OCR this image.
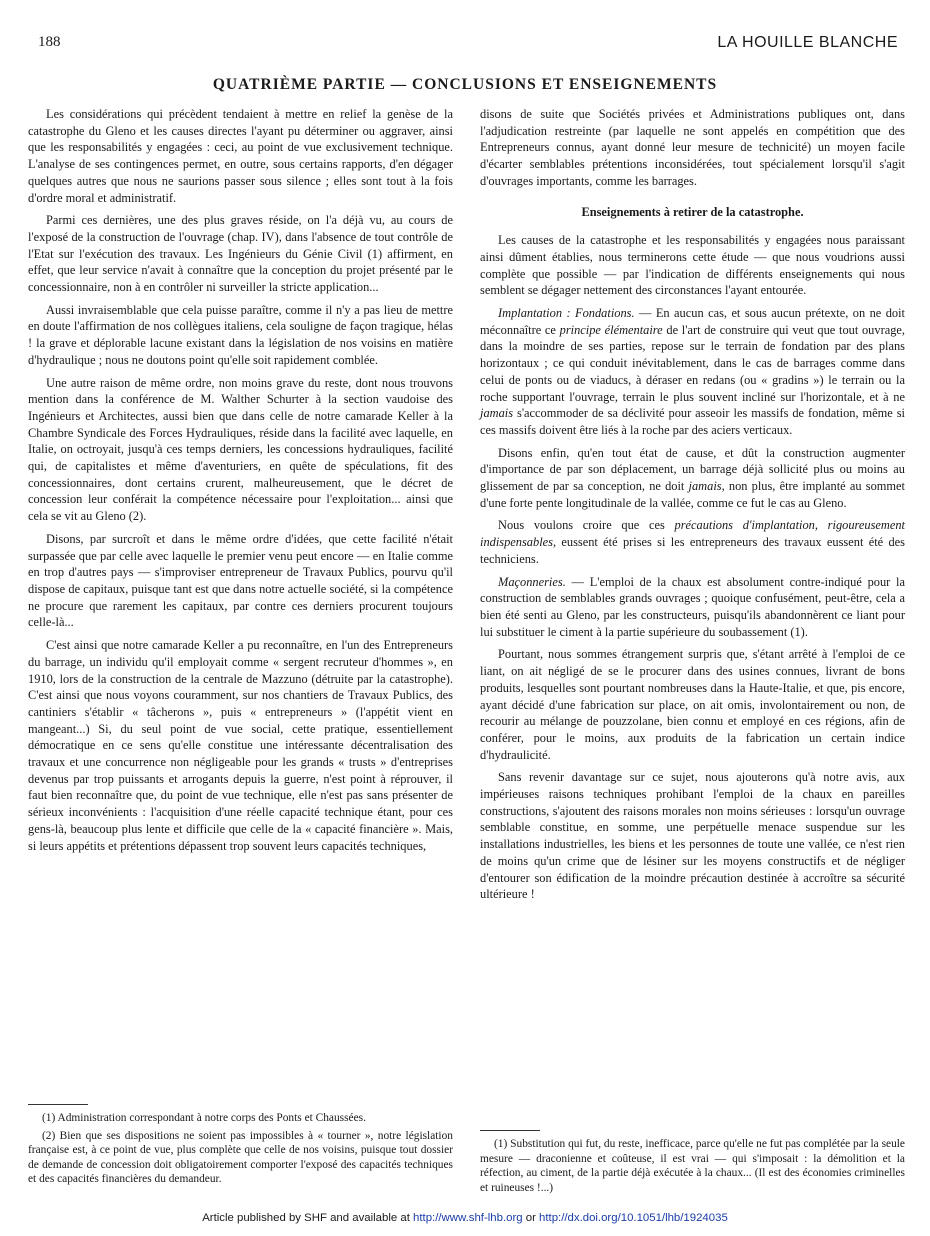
188	LA HOUILLE BLANCHE
QUATRIÈME PARTIE — CONCLUSIONS ET ENSEIGNEMENTS

Les considérations qui précèdent tendaient à mettre en relief la genèse de la catastrophe du Gleno et les causes directes l'ayant pu déterminer ou aggraver, ainsi que les responsabilités y engagées : ceci, au point de vue exclusivement technique. L'analyse de ses contingences permet, en outre, sous certains rapports, d'en dégager quelques autres que nous ne saurions passer sous silence ; elles sont tout à la fois d'ordre moral et administratif.

Parmi ces dernières, une des plus graves réside, on l'a déjà vu, au cours de l'exposé de la construction de l'ouvrage (chap. IV), dans l'absence de tout contrôle de l'Etat sur l'exécution des travaux. Les Ingénieurs du Génie Civil (1) affirment, en effet, que leur service n'avait à connaître que la conception du projet présenté par le concessionnaire, non à en contrôler ni surveiller la stricte application...

Aussi invraisemblable que cela puisse paraître, comme il n'y a pas lieu de mettre en doute l'affirmation de nos collègues italiens, cela souligne de façon tragique, hélas ! la grave et déplorable lacune existant dans la législation de nos voisins en matière d'hydraulique ; nous ne doutons point qu'elle soit rapidement comblée.

Une autre raison de même ordre, non moins grave du reste, dont nous trouvons mention dans la conférence de M. Walther Schurter à la section vaudoise des Ingénieurs et Architectes, aussi bien que dans celle de notre camarade Keller à la Chambre Syndicale des Forces Hydrauliques, réside dans la facilité avec laquelle, en Italie, on octroyait, jusqu'à ces temps derniers, les concessions hydrauliques, facilité qui, de capitalistes et même d'aventuriers, en quête de spéculations, fit des concessionnaires, dont certains crurent, malheureusement, que le décret de concession leur conférait la compétence nécessaire pour l'exploitation... ainsi que cela se vit au Gleno (2).

Disons, par surcroît et dans le même ordre d'idées, que cette facilité n'était surpassée que par celle avec laquelle le premier venu peut encore — en Italie comme en trop d'autres pays — s'improviser entrepreneur de Travaux Publics, pourvu qu'il dispose de capitaux, puisque tant est que dans notre actuelle société, si la compétence ne procure que rarement les capitaux, par contre ces derniers procurent toujours celle-là...

C'est ainsi que notre camarade Keller a pu reconnaître, en l'un des Entrepreneurs du barrage, un individu qu'il employait comme « sergent recruteur d'hommes », en 1910, lors de la construction de la centrale de Mazzuno (détruite par la catastrophe). C'est ainsi que nous voyons couramment, sur nos chantiers de Travaux Publics, des cantiniers s'établir « tâcherons », puis « entrepreneurs » (l'appétit vient en mangeant...) Si, du seul point de vue social, cette pratique, essentiellement démocratique en ce sens qu'elle constitue une intéressante décentralisation des travaux et une concurrence non négligeable pour les grands « trusts » d'entreprises devenus par trop puissants et arrogants depuis la guerre, n'est point à réprouver, il faut bien reconnaître que, du point de vue technique, elle n'est pas sans présenter de sérieux inconvénients : l'acquisition d'une réelle capacité technique étant, pour ces gens-là, beaucoup plus lente et difficile que celle de la « capacité financière ». Mais, si leurs appétits et prétentions dépassent trop souvent leurs capacités techniques,

disons de suite que Sociétés privées et Administrations publiques ont, dans l'adjudication restreinte (par laquelle ne sont appelés en compétition que des Entrepreneurs connus, ayant donné leur mesure de technicité) un moyen facile d'écarter semblables prétentions inconsidérées, tout spécialement lorsqu'il s'agit d'ouvrages importants, comme les barrages.

Enseignements à retirer de la catastrophe.

Les causes de la catastrophe et les responsabilités y engagées nous paraissant ainsi dûment établies, nous terminerons cette étude — que nous voudrions aussi complète que possible — par l'indication de différents enseignements qui nous semblent se dégager nettement des circonstances l'ayant entourée.

Implantation : Fondations. — En aucun cas, et sous aucun prétexte, on ne doit méconnaître ce principe élémentaire de l'art de construire qui veut que tout ouvrage, dans la moindre de ses parties, repose sur le terrain de fondation par des plans horizontaux ; ce qui conduit inévitablement, dans le cas de barrages comme dans celui de ponts ou de viaducs, à déraser en redans (ou « gradins ») le terrain ou la roche supportant l'ouvrage, terrain le plus souvent incliné sur l'horizontale, et à ne jamais s'accommoder de sa déclivité pour asseoir les massifs de fondation, même si ces massifs doivent être liés à la roche par des aciers verticaux.

Disons enfin, qu'en tout état de cause, et dût la construction augmenter d'importance de par son déplacement, un barrage déjà sollicité plus ou moins au glissement de par sa conception, ne doit jamais, non plus, être implanté au sommet d'une forte pente longitudinale de la vallée, comme ce fut le cas au Gleno.

Nous voulons croire que ces précautions d'implantation, rigoureusement indispensables, eussent été prises si les entrepreneurs des travaux eussent été des techniciens.

Maçonneries. — L'emploi de la chaux est absolument contre-indiqué pour la construction de semblables grands ouvrages ; quoique confusément, peut-être, cela a bien été senti au Gleno, par les constructeurs, puisqu'ils abandonnèrent ce liant pour lui substituer le ciment à la partie supérieure du soubassement (1).

Pourtant, nous sommes étrangement surpris que, s'étant arrêté à l'emploi de ce liant, on ait négligé de se le procurer dans des usines connues, livrant de bons produits, lesquelles sont pourtant nombreuses dans la Haute-Italie, et que, pis encore, ayant décidé d'une fabrication sur place, on ait omis, involontairement ou non, de recourir au mélange de pouzzolane, bien connu et employé en ces régions, afin de conférer, pour le moins, aux produits de la fabrication un certain indice d'hydraulicité.

Sans revenir davantage sur ce sujet, nous ajouterons qu'à notre avis, aux impérieuses raisons techniques prohibant l'emploi de la chaux en pareilles constructions, s'ajoutent des raisons morales non moins sérieuses : lorsqu'un ouvrage semblable constitue, en somme, une perpétuelle menace suspendue sur les installations industrielles, les biens et les personnes de toute une vallée, ce n'est rien de moins qu'un crime que de lésiner sur les moyens constructifs et de négliger d'entourer son édification de la moindre précaution destinée à accroître sa sécurité ultérieure !

(1) Administration correspondant à notre corps des Ponts et Chaussées.

(2) Bien que ses dispositions ne soient pas impossibles à « tourner », notre législation française est, à ce point de vue, plus complète que celle de nos voisins, puisque tout dossier de demande de concession doit obligatoirement comporter l'exposé des capacités techniques et des capacités financières du demandeur.

(1) Substitution qui fut, du reste, inefficace, parce qu'elle ne fut pas complétée par la seule mesure — draconienne et coûteuse, il est vrai — qui s'imposait : la démolition et la réfection, au ciment, de la partie déjà exécutée à la chaux... (Il est des économies criminelles et ruineuses !...)

Article published by SHF and available at http://www.shf-lhb.org or http://dx.doi.org/10.1051/lhb/1924035
